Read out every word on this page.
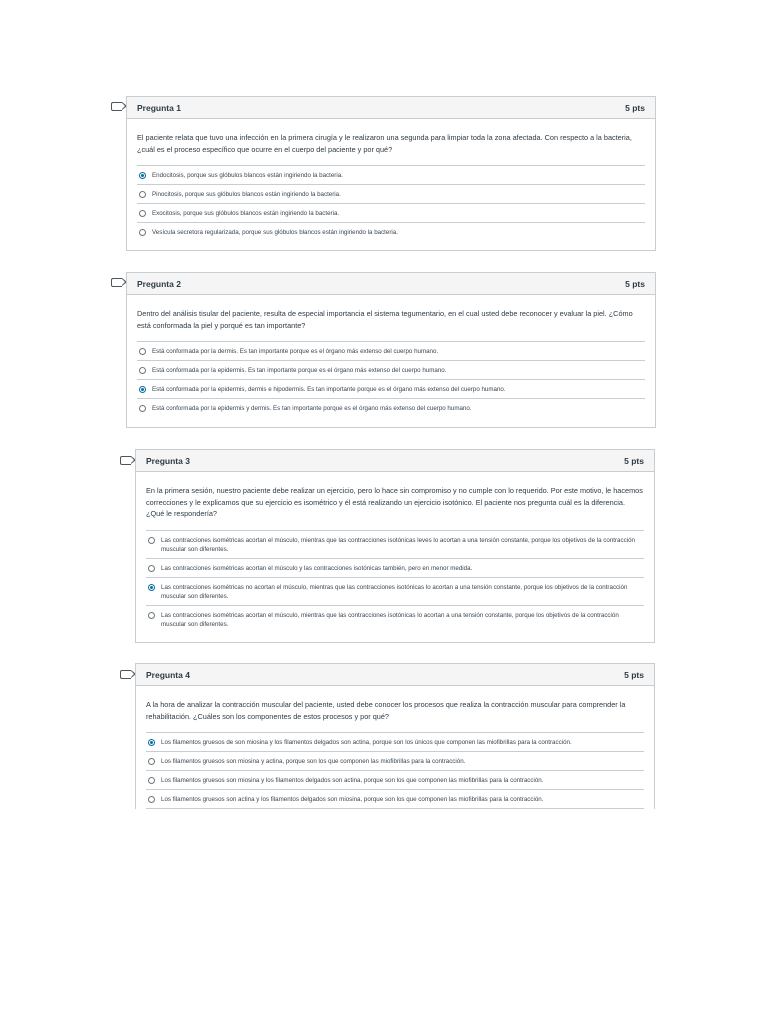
Pregunta 1	5 pts

El paciente relata que tuvo una infección en la primera cirugía y le realizaron una segunda para limpiar toda la zona afectada. Con respecto a la bacteria, ¿cuál es el proceso específico que ocurre en el cuerpo del paciente y por qué?

Endocitosis, porque sus glóbulos blancos están ingiriendo la bacteria.
Pinocitosis, porque sus glóbulos blancos están ingiriendo la bacteria.
Exocitosis, porque sus glóbulos blancos están ingiriendo la bacteria.
Vesícula secretora regularizada, porque sus glóbulos blancos están ingiriendo la bacteria.
Pregunta 2	5 pts

Dentro del análisis tisular del paciente, resulta de especial importancia el sistema tegumentario, en el cual usted debe reconocer y evaluar la piel. ¿Cómo está conformada la piel y porqué es tan importante?

Está conformada por la dermis. Es tan importante porque es el órgano más extenso del cuerpo humano.
Está conformada por la epidermis. Es tan importante porque es el órgano más extenso del cuerpo humano.
Está conformada por la epidermis, dermis e hipodermis. Es tan importante porque es el órgano más extenso del cuerpo humano.
Está conformada por la epidermis y dermis. Es tan importante porque es el órgano más extenso del cuerpo humano.
Pregunta 3	5 pts

En la primera sesión, nuestro paciente debe realizar un ejercicio, pero lo hace sin compromiso y no cumple con lo requerido. Por este motivo, le hacemos correcciones y le explicamos que su ejercicio es isométrico y él está realizando un ejercicio isotónico. El paciente nos pregunta cuál es la diferencia. ¿Qué le respondería?

Las contracciones isométricas acortan el músculo, mientras que las contracciones isotónicas leves lo acortan a una tensión constante, porque los objetivos de la contracción muscular son diferentes.
Las contracciones isométricas acortan el músculo y las contracciones isotónicas también, pero en menor medida.
Las contracciones isométricas no acortan el músculo, mientras que las contracciones isotónicas lo acortan a una tensión constante, porque los objetivos de la contracción muscular son diferentes.
Las contracciones isométricas acortan el músculo, mientras que las contracciones isotónicas lo acortan a una tensión constante, porque los objetivos de la contracción muscular son diferentes.
Pregunta 4	5 pts

A la hora de analizar la contracción muscular del paciente, usted debe conocer los procesos que realiza la contracción muscular para comprender la rehabilitación. ¿Cuáles son los componentes de estos procesos y por qué?

Los filamentos gruesos de son miosina y los filamentos delgados son actina, porque son los únicos que componen las miofibrillas para la contracción.
Los filamentos gruesos son miosina y actina, porque son los que componen las miofibrillas para la contracción.
Los filamentos gruesos son miosina y los filamentos delgados son actina, porque son los que componen las miofibrillas para la contracción.
Los filamentos gruesos son actina y los filamentos delgados son miosina, porque son los que componen las miofibrillas para la contracción.
